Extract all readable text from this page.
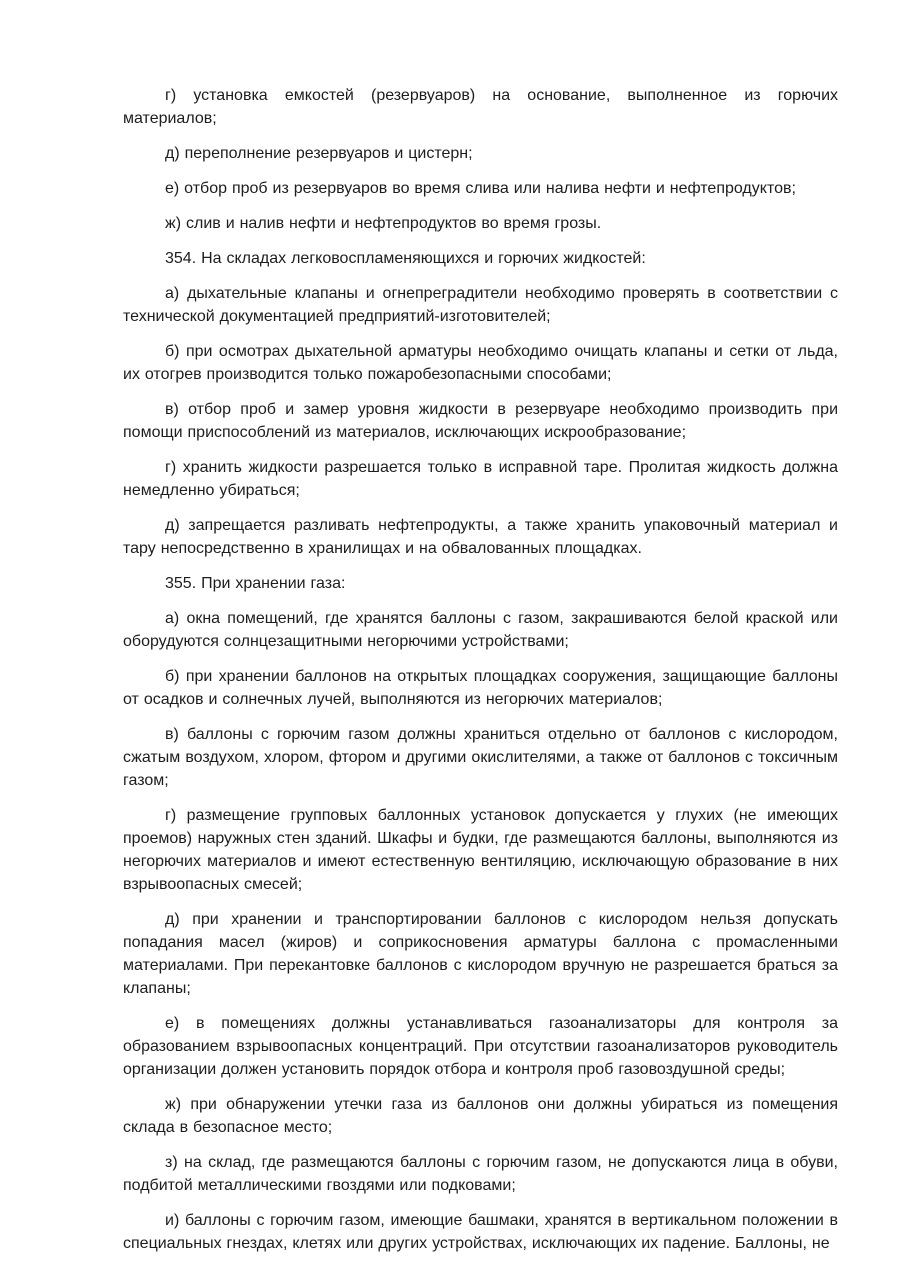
г) установка емкостей (резервуаров) на основание, выполненное из горючих материалов;

д) переполнение резервуаров и цистерн;

е) отбор проб из резервуаров во время слива или налива нефти и нефтепродуктов;

ж) слив и налив нефти и нефтепродуктов во время грозы.

354. На складах легковоспламеняющихся и горючих жидкостей:

а) дыхательные клапаны и огнепреградители необходимо проверять в соответствии с технической документацией предприятий-изготовителей;

б) при осмотрах дыхательной арматуры необходимо очищать клапаны и сетки от льда, их отогрев производится только пожаробезопасными способами;

в) отбор проб и замер уровня жидкости в резервуаре необходимо производить при помощи приспособлений из материалов, исключающих искрообразование;

г) хранить жидкости разрешается только в исправной таре. Пролитая жидкость должна немедленно убираться;

д) запрещается разливать нефтепродукты, а также хранить упаковочный материал и тару непосредственно в хранилищах и на обвалованных площадках.

355. При хранении газа:

а) окна помещений, где хранятся баллоны с газом, закрашиваются белой краской или оборудуются солнцезащитными негорючими устройствами;

б) при хранении баллонов на открытых площадках сооружения, защищающие баллоны от осадков и солнечных лучей, выполняются из негорючих материалов;

в) баллоны с горючим газом должны храниться отдельно от баллонов с кислородом, сжатым воздухом, хлором, фтором и другими окислителями, а также от баллонов с токсичным газом;

г) размещение групповых баллонных установок допускается у глухих (не имеющих проемов) наружных стен зданий. Шкафы и будки, где размещаются баллоны, выполняются из негорючих материалов и имеют естественную вентиляцию, исключающую образование в них взрывоопасных смесей;

д) при хранении и транспортировании баллонов с кислородом нельзя допускать попадания масел (жиров) и соприкосновения арматуры баллона с промасленными материалами. При перекантовке баллонов с кислородом вручную не разрешается браться за клапаны;

е) в помещениях должны устанавливаться газоанализаторы для контроля за образованием взрывоопасных концентраций. При отсутствии газоанализаторов руководитель организации должен установить порядок отбора и контроля проб газовоздушной среды;

ж) при обнаружении утечки газа из баллонов они должны убираться из помещения склада в безопасное место;

з) на склад, где размещаются баллоны с горючим газом, не допускаются лица в обуви, подбитой металлическими гвоздями или подковами;

и) баллоны с горючим газом, имеющие башмаки, хранятся в вертикальном положении в специальных гнездах, клетях или других устройствах, исключающих их падение. Баллоны, не
